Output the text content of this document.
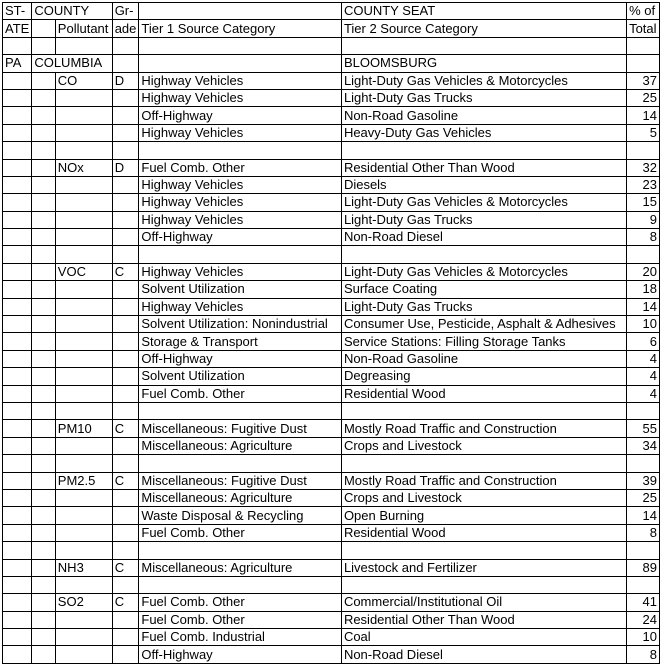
ST-	COUNTY		Gr-		COUNTY SEAT	% of
ATE		Pollutant	ade	Tier 1 Source Category	Tier 2 Source Category	Total

PA	COLUMBIA				BLOOMSBURG	
		CO	D	Highway Vehicles	Light-Duty Gas Vehicles & Motorcycles	37
				Highway Vehicles	Light-Duty Gas Trucks	25
				Off-Highway	Non-Road Gasoline	14
				Highway Vehicles	Heavy-Duty Gas Vehicles	5

		NOx	D	Fuel Comb. Other	Residential Other Than Wood	32
				Highway Vehicles	Diesels	23
				Highway Vehicles	Light-Duty Gas Vehicles & Motorcycles	15
				Highway Vehicles	Light-Duty Gas Trucks	9
				Off-Highway	Non-Road Diesel	8

		VOC	C	Highway Vehicles	Light-Duty Gas Vehicles & Motorcycles	20
				Solvent Utilization	Surface Coating	18
				Highway Vehicles	Light-Duty Gas Trucks	14
				Solvent Utilization: Nonindustrial	Consumer Use, Pesticide, Asphalt & Adhesives	10
				Storage & Transport	Service Stations: Filling Storage Tanks	6
				Off-Highway	Non-Road Gasoline	4
				Solvent Utilization	Degreasing	4
				Fuel Comb. Other	Residential Wood	4

		PM10	C	Miscellaneous: Fugitive Dust	Mostly Road Traffic and Construction	55
				Miscellaneous: Agriculture	Crops and Livestock	34

		PM2.5	C	Miscellaneous: Fugitive Dust	Mostly Road Traffic and Construction	39
				Miscellaneous: Agriculture	Crops and Livestock	25
				Waste Disposal & Recycling	Open Burning	14
				Fuel Comb. Other	Residential Wood	8

		NH3	C	Miscellaneous: Agriculture	Livestock and Fertilizer	89

		SO2	C	Fuel Comb. Other	Commercial/Institutional Oil	41
				Fuel Comb. Other	Residential Other Than Wood	24
				Fuel Comb. Industrial	Coal	10
				Off-Highway	Non-Road Diesel	8
